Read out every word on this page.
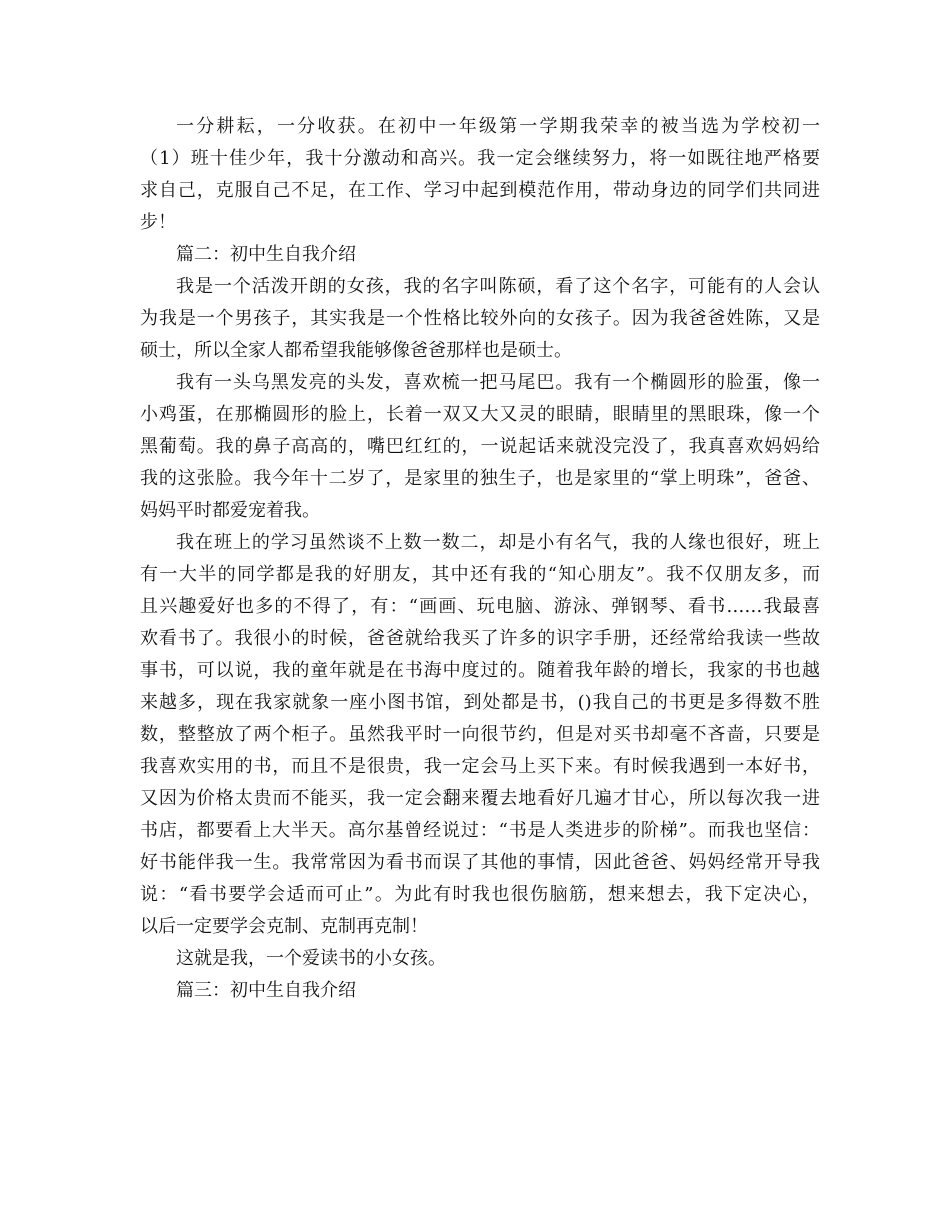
一分耕耘，一分收获。在初中一年级第一学期我荣幸的被当选为学校初一
（1）班十佳少年，我十分激动和高兴。我一定会继续努力，将一如既往地严格要
求自己，克服自己不足，在工作、学习中起到模范作用，带动身边的同学们共同进
步！
篇二：初中生自我介绍
我是一个活泼开朗的女孩，我的名字叫陈硕，看了这个名字，可能有的人会认
为我是一个男孩子，其实我是一个性格比较外向的女孩子。因为我爸爸姓陈，又是
硕士，所以全家人都希望我能够像爸爸那样也是硕士。
我有一头乌黑发亮的头发，喜欢梳一把马尾巴。我有一个椭圆形的脸蛋，像一
小鸡蛋，在那椭圆形的脸上，长着一双又大又灵的眼睛，眼睛里的黑眼珠，像一个
黑葡萄。我的鼻子高高的，嘴巴红红的，一说起话来就没完没了，我真喜欢妈妈给
我的这张脸。我今年十二岁了，是家里的独生子，也是家里的“掌上明珠”，爸爸、
妈妈平时都爱宠着我。
我在班上的学习虽然谈不上数一数二，却是小有名气，我的人缘也很好，班上
有一大半的同学都是我的好朋友，其中还有我的“知心朋友”。我不仅朋友多，而
且兴趣爱好也多的不得了，有：“画画、玩电脑、游泳、弹钢琴、看书……我最喜
欢看书了。我很小的时候，爸爸就给我买了许多的识字手册，还经常给我读一些故
事书，可以说，我的童年就是在书海中度过的。随着我年龄的增长，我家的书也越
来越多，现在我家就象一座小图书馆，到处都是书，()我自己的书更是多得数不胜
数，整整放了两个柜子。虽然我平时一向很节约，但是对买书却毫不吝啬，只要是
我喜欢实用的书，而且不是很贵，我一定会马上买下来。有时候我遇到一本好书，
又因为价格太贵而不能买，我一定会翻来覆去地看好几遍才甘心，所以每次我一进
书店，都要看上大半天。高尔基曾经说过：“书是人类进步的阶梯”。而我也坚信：
好书能伴我一生。我常常因为看书而误了其他的事情，因此爸爸、妈妈经常开导我
说：“看书要学会适而可止”。为此有时我也很伤脑筋，想来想去，我下定决心，
以后一定要学会克制、克制再克制！
这就是我，一个爱读书的小女孩。
篇三：初中生自我介绍
